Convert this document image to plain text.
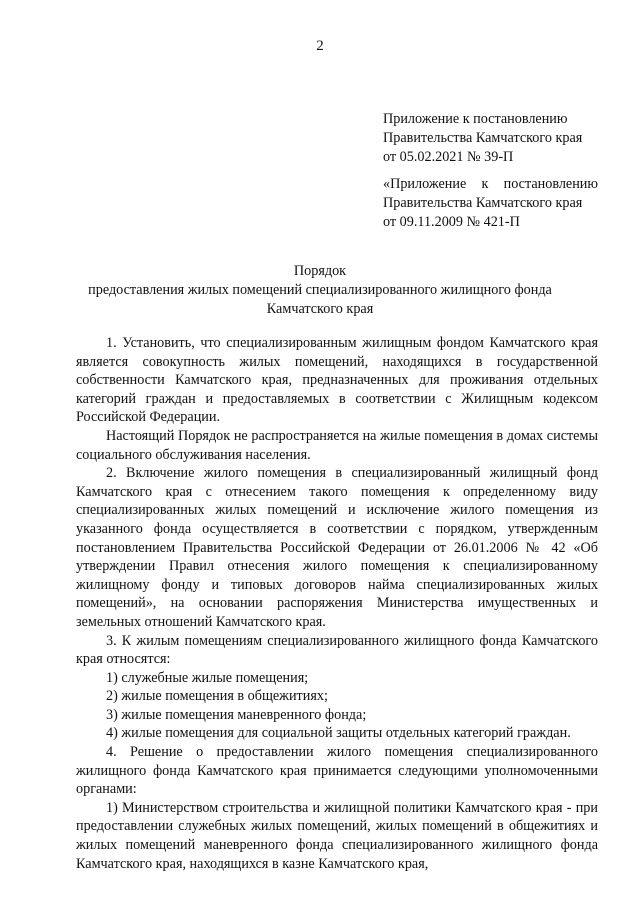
2
Приложение к постановлению
Правительства Камчатского края
от 05.02.2021 № 39-П
«Приложение к постановлению
Правительства Камчатского края
от 09.11.2009 № 421-П
Порядок
предоставления жилых помещений специализированного жилищного фонда
Камчатского края

1. Установить, что специализированным жилищным фондом Камчатского края является совокупность жилых помещений, находящихся в государственной собственности Камчатского края, предназначенных для проживания отдельных категорий граждан и предоставляемых в соответствии с Жилищным кодексом Российской Федерации.

Настоящий Порядок не распространяется на жилые помещения в домах системы социального обслуживания населения.

2. Включение жилого помещения в специализированный жилищный фонд Камчатского края с отнесением такого помещения к определенному виду специализированных жилых помещений и исключение жилого помещения из указанного фонда осуществляется в соответствии с порядком, утвержденным постановлением Правительства Российской Федерации от 26.01.2006 № 42 «Об утверждении Правил отнесения жилого помещения к специализированному жилищному фонду и типовых договоров найма специализированных жилых помещений», на основании распоряжения Министерства имущественных и земельных отношений Камчатского края.

3. К жилым помещениям специализированного жилищного фонда Камчатского края относятся:

1) служебные жилые помещения;

2) жилые помещения в общежитиях;

3) жилые помещения маневренного фонда;

4) жилые помещения для социальной защиты отдельных категорий граждан.

4. Решение о предоставлении жилого помещения специализированного жилищного фонда Камчатского края принимается следующими уполномоченными органами:

1) Министерством строительства и жилищной политики Камчатского края - при предоставлении служебных жилых помещений, жилых помещений в общежитиях и жилых помещений маневренного фонда специализированного жилищного фонда Камчатского края, находящихся в казне Камчатского края,
